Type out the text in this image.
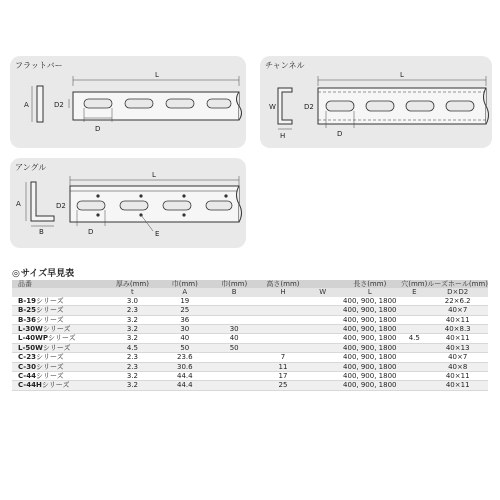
フラットバー
A
L
D
D2
チャンネル
W
H
L
D2
D
アングル
A
B
L
D2
D	E
◎サイズ早見表
品番	厚み(mm)	巾(mm)	巾(mm)	高さ(mm)		長さ(mm)	穴(mm)	ルーズホール(mm)
	t	A	B	H	W	L	E	D×D2
B-19シリーズ	3.0	19				400, 900, 1800		22×6.2
B-25シリーズ	2.3	25				400, 900, 1800		40×7
B-36シリーズ	3.2	36				400, 900, 1800		40×11
L-30Wシリーズ	3.2	30	30			400, 900, 1800		40×8.3
L-40WPシリーズ	3.2	40	40			400, 900, 1800	4.5	40×11
L-50Wシリーズ	4.5	50	50			400, 900, 1800		40×13
C-23シリーズ	2.3	23.6		7		400, 900, 1800		40×7
C-30シリーズ	2.3	30.6		11		400, 900, 1800		40×8
C-44シリーズ	3.2	44.4		17		400, 900, 1800		40×11
C-44Hシリーズ	3.2	44.4		25		400, 900, 1800		40×11
